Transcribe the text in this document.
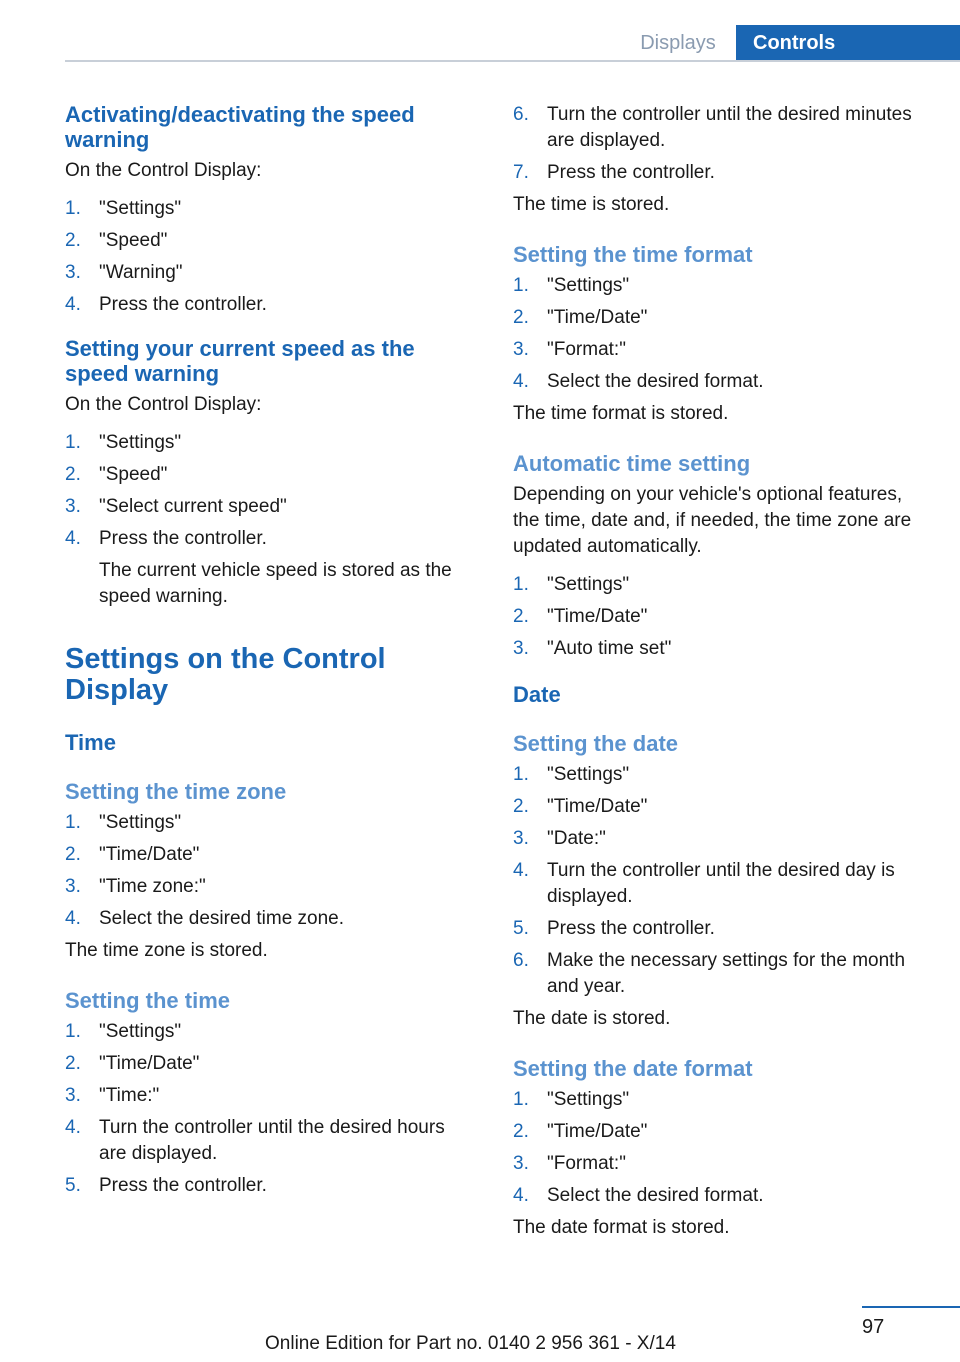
Displays	Controls
Activating/deactivating the speed warning

On the Control Display:

1. "Settings"
2. "Speed"
3. "Warning"
4. Press the controller.
Setting your current speed as the speed warning

On the Control Display:

1. "Settings"
2. "Speed"
3. "Select current speed"
4. Press the controller.
The current vehicle speed is stored as the speed warning.
Settings on the Control Display
Time
Setting the time zone
1. "Settings"
2. "Time/Date"
3. "Time zone:"
4. Select the desired time zone.

The time zone is stored.

Setting the time
1. "Settings"
2. "Time/Date"
3. "Time:"
4. Turn the controller until the desired hours are displayed.
5. Press the controller.
6. Turn the controller until the desired minutes are displayed.
7. Press the controller.

The time is stored.

Setting the time format
1. "Settings"
2. "Time/Date"
3. "Format:"
4. Select the desired format.

The time format is stored.

Automatic time setting

Depending on your vehicle's optional features, the time, date and, if needed, the time zone are updated automatically.

1. "Settings"
2. "Time/Date"
3. "Auto time set"
Date
Setting the date
1. "Settings"
2. "Time/Date"
3. "Date:"
4. Turn the controller until the desired day is displayed.
5. Press the controller.
6. Make the necessary settings for the month and year.

The date is stored.

Setting the date format
1. "Settings"
2. "Time/Date"
3. "Format:"
4. Select the desired format.

The date format is stored.

97
Online Edition for Part no. 0140 2 956 361 - X/14
